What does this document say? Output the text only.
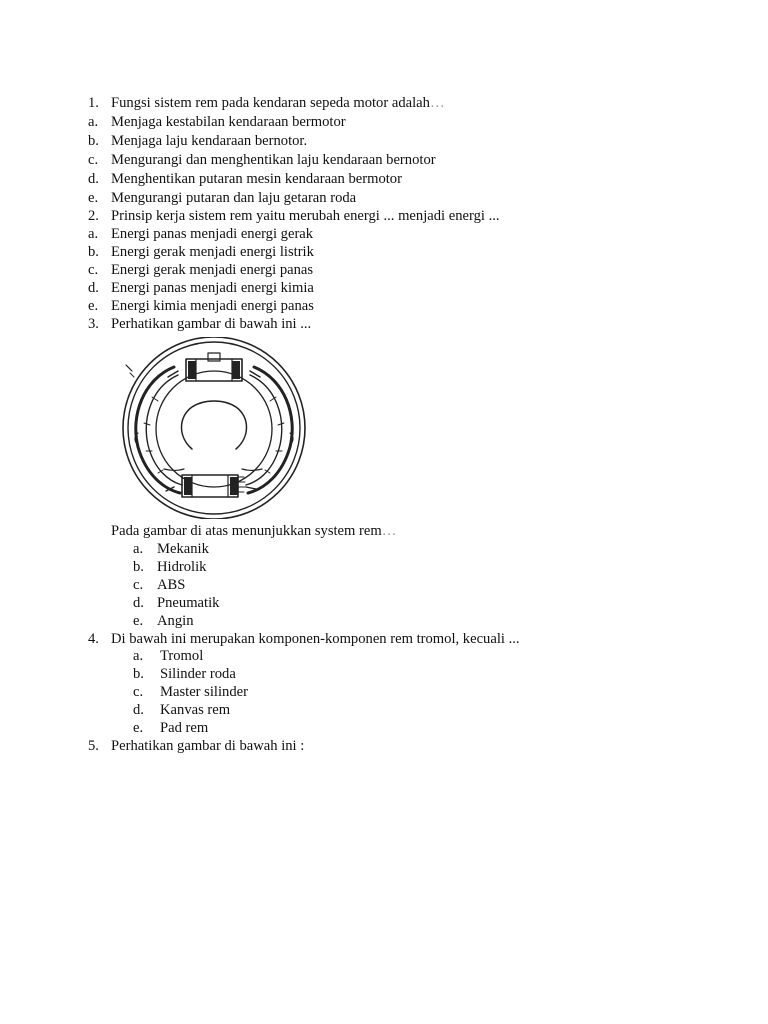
1. Fungsi sistem rem pada kendaran sepeda motor adalah…
a. Menjaga kestabilan kendaraan bermotor
b. Menjaga laju kendaraan bernotor.
c. Mengurangi dan menghentikan laju kendaraan bernotor
d. Menghentikan putaran mesin kendaraan bermotor
e. Mengurangi putaran dan laju getaran roda
2. Prinsip kerja sistem rem yaitu merubah energi ... menjadi energi ...
a. Energi panas menjadi energi gerak
b. Energi gerak menjadi energi listrik
c. Energi gerak menjadi energi panas
d. Energi panas menjadi energi kimia
e. Energi kimia menjadi energi panas
3. Perhatikan gambar di bawah ini ...
Pada gambar di atas menunjukkan system rem…
a. Mekanik
b. Hidrolik
c. ABS
d. Pneumatik
e. Angin
4. Di bawah ini merupakan komponen-komponen rem tromol, kecuali ...
a. Tromol
b. Silinder roda
c. Master silinder
d. Kanvas rem
e. Pad rem
5. Perhatikan gambar di bawah ini :
